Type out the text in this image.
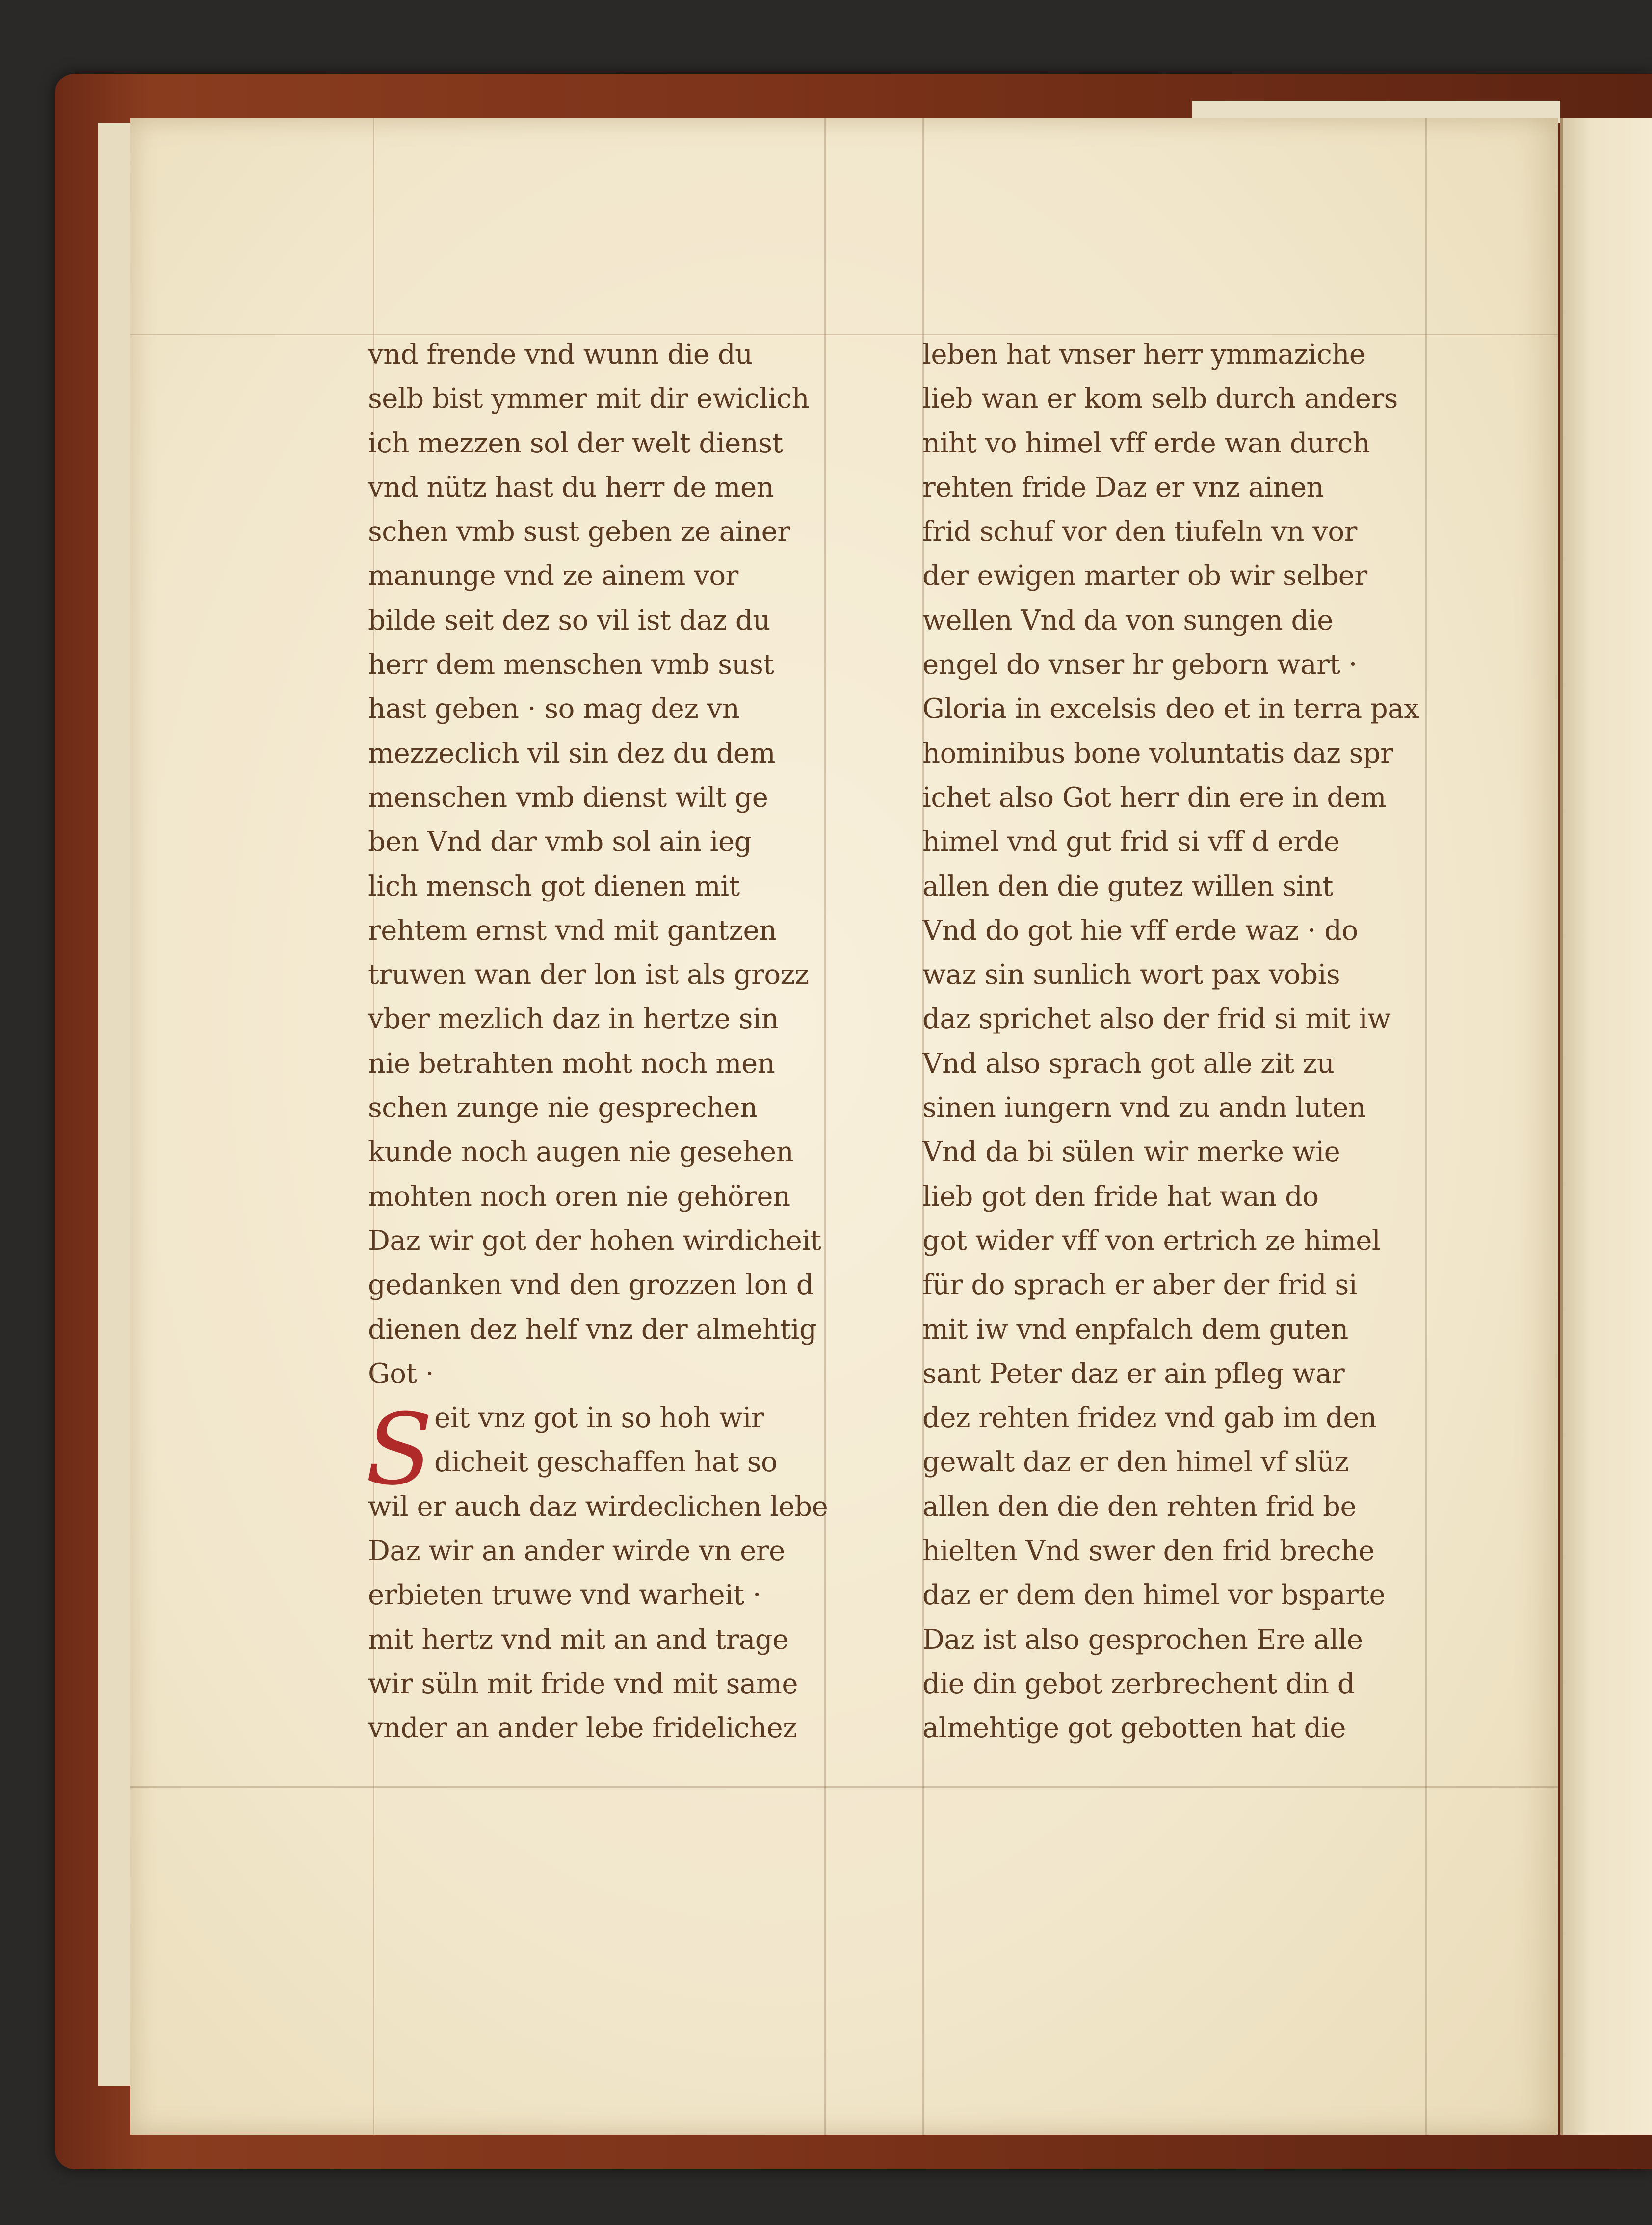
vnd frende vnd wunn die du
selb bist ymmer mit dir ewiclich
ich mezzen sol der welt dienst
vnd nütz hast du herr de men
schen vmb sust geben ze ainer
manunge vnd ze ainem vor
bilde seit dez so vil ist daz du
herr dem menschen vmb sust
hast geben · so mag dez vn
mezzeclich vil sin dez du dem
menschen vmb dienst wilt ge
ben Vnd dar vmb sol ain ieg
lich mensch got dienen mit
rehtem ernst vnd mit gantzen
truwen wan der lon ist als grozz
vber mezlich daz in hertze sin
nie betrahten moht noch men
schen zunge nie gesprechen
kunde noch augen nie gesehen
mohten noch oren nie gehören
Daz wir got der hohen wirdicheit
gedanken vnd den grozzen lon d
dienen dez helf vnz der almehtig
Got ·
eit vnz got in so hoh wir
dicheit geschaffen hat so
wil er auch daz wirdeclichen lebe
Daz wir an ander wirde vn ere
erbieten truwe vnd warheit ·
mit hertz vnd mit an and trage
wir süln mit fride vnd mit same
vnder an ander lebe fridelichez
leben hat vnser herr ymmaziche
lieb wan er kom selb durch anders
niht vo himel vff erde wan durch
rehten fride Daz er vnz ainen
frid schuf vor den tiufeln vn vor
der ewigen marter ob wir selber
wellen Vnd da von sungen die
engel do vnser hr geborn wart ·
Gloria in excelsis deo et in terra pax
hominibus bone voluntatis daz spr
ichet also Got herr din ere in dem
himel vnd gut frid si vff d erde
allen den die gutez willen sint
Vnd do got hie vff erde waz · do
waz sin sunlich wort pax vobis
daz sprichet also der frid si mit iw
Vnd also sprach got alle zit zu
sinen iungern vnd zu andn luten
Vnd da bi sülen wir merke wie
lieb got den fride hat wan do
got wider vff von ertrich ze himel
für do sprach er aber der frid si
mit iw vnd enpfalch dem guten
sant Peter daz er ain pfleg war
dez rehten fridez vnd gab im den
gewalt daz er den himel vf slüz
allen den die den rehten frid be
hielten Vnd swer den frid breche
daz er dem den himel vor bsparte
Daz ist also gesprochen Ere alle
die din gebot zerbrechent din d
almehtige got gebotten hat die
S
